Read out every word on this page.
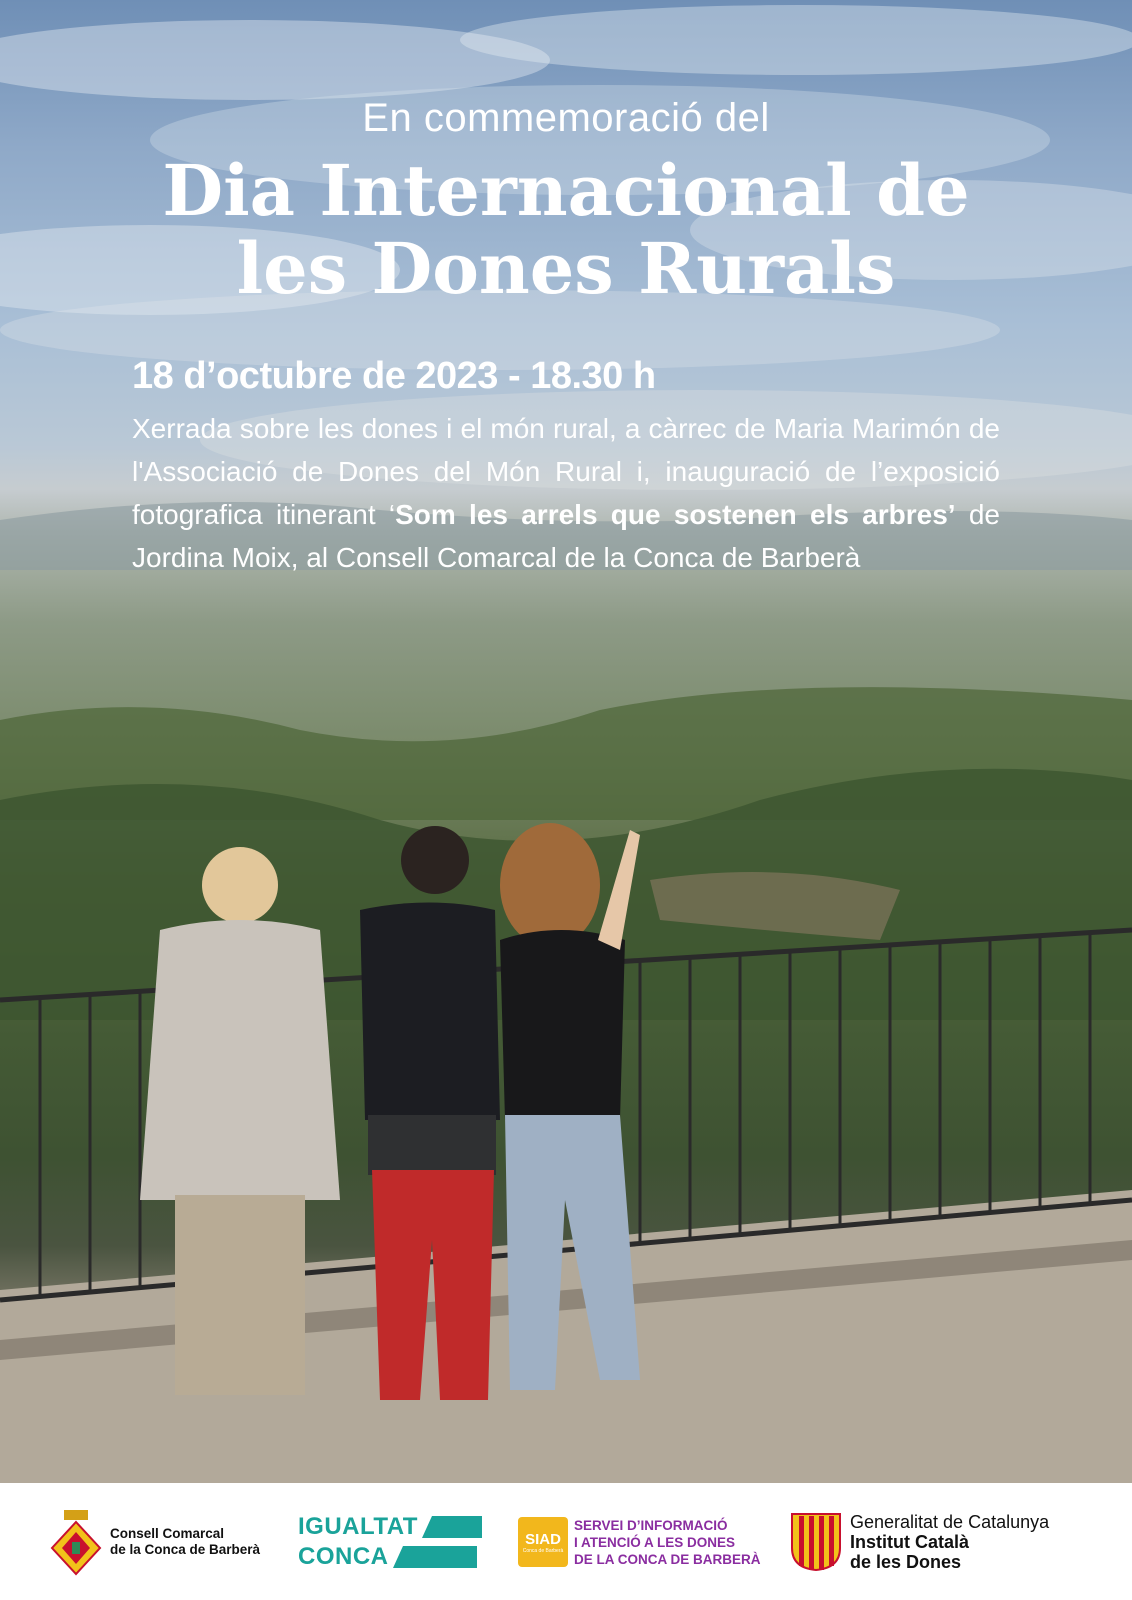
En commemoració del
Dia Internacional de
les Dones Rurals
18 d’octubre de 2023 - 18.30 h
Xerrada sobre les dones i el món rural, a càrrec de Maria Marimón de l'Associació de Dones del Món Rural i, inauguració de l’exposició fotografica itinerant ‘Som les arrels que sostenen els arbres’ de Jordina Moix, al Consell Comarcal de la Conca de Barberà
Consell Comarcal
de la Conca de Barberà
IGUALTAT
CONCA
SIAD
Conca de Barberà
SERVEI D’INFORMACIÓ
I ATENCIÓ A LES DONES
DE LA CONCA DE BARBERÀ
Generalitat de Catalunya
Institut Català
de les Dones
